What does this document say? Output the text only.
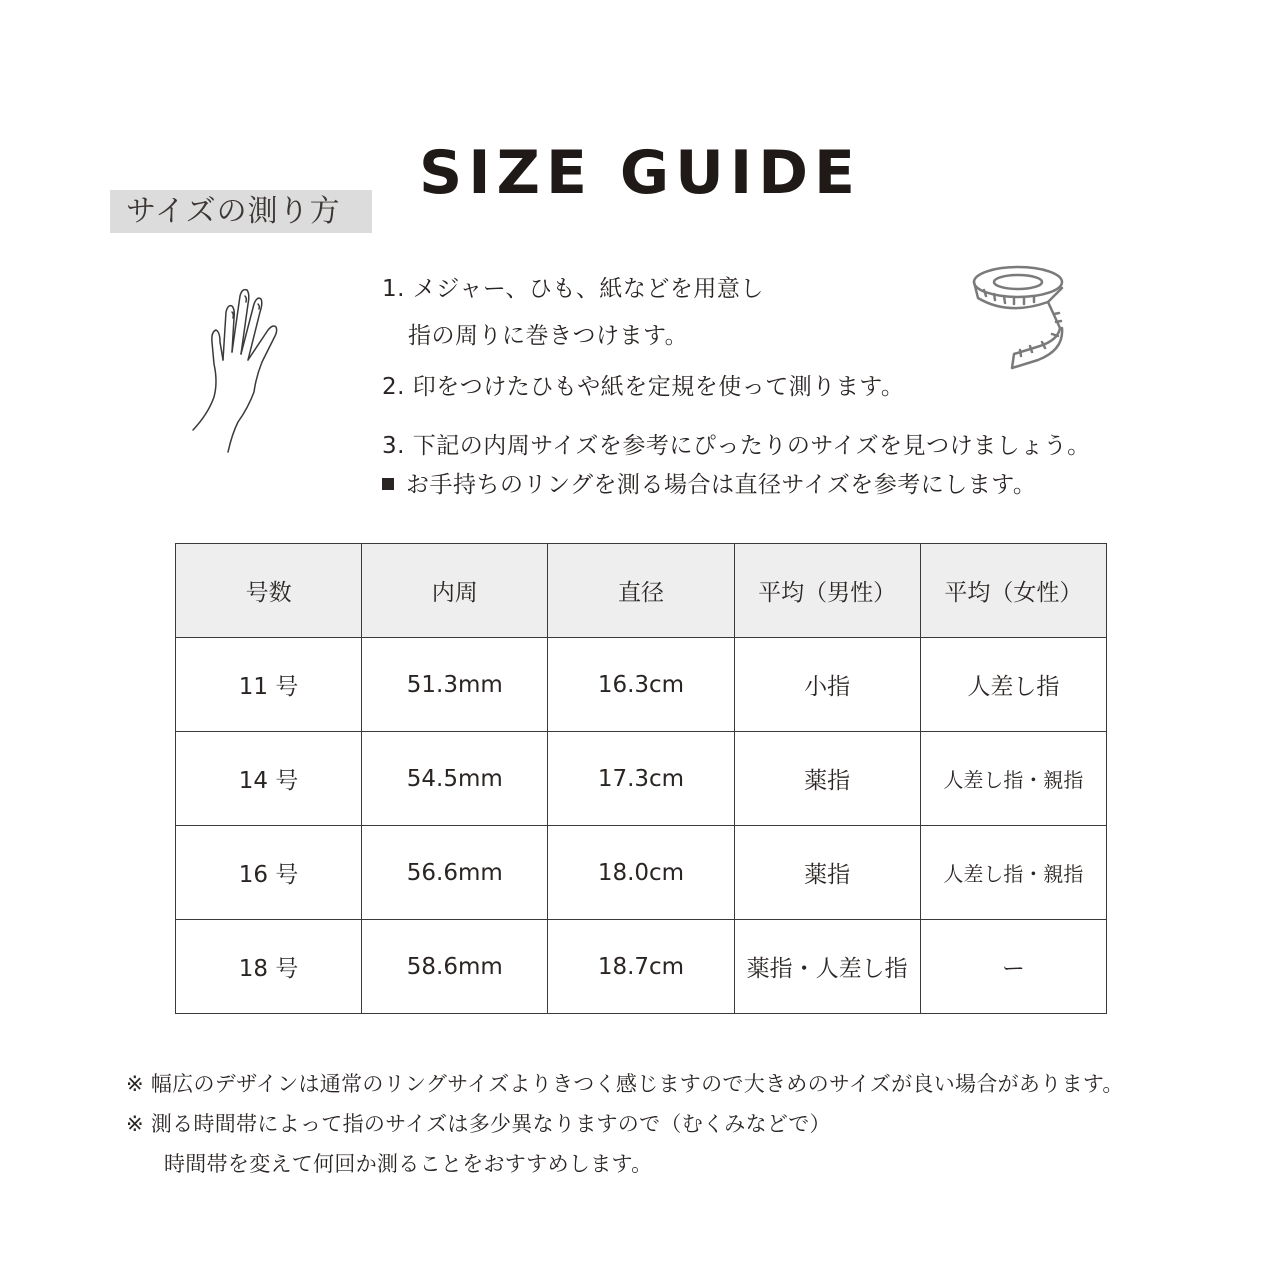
SIZE GUIDE
サイズの測り方
1. メジャー、ひも、紙などを用意し
指の周りに巻きつけます。
2. 印をつけたひもや紙を定規を使って測ります。
3. 下記の内周サイズを参考にぴったりのサイズを見つけましょう。
お手持ちのリングを測る場合は直径サイズを参考にします。
号数	内周	直径	平均（男性）	平均（女性）
11 号	51.3mm	16.3cm	小指	人差し指
14 号	54.5mm	17.3cm	薬指	人差し指・親指
16 号	56.6mm	18.0cm	薬指	人差し指・親指
18 号	58.6mm	18.7cm	薬指・人差し指	ー
※ 幅広のデザインは通常のリングサイズよりきつく感じますので大きめのサイズが良い場合があります。
※ 測る時間帯によって指のサイズは多少異なりますので（むくみなどで）
時間帯を変えて何回か測ることをおすすめします。
